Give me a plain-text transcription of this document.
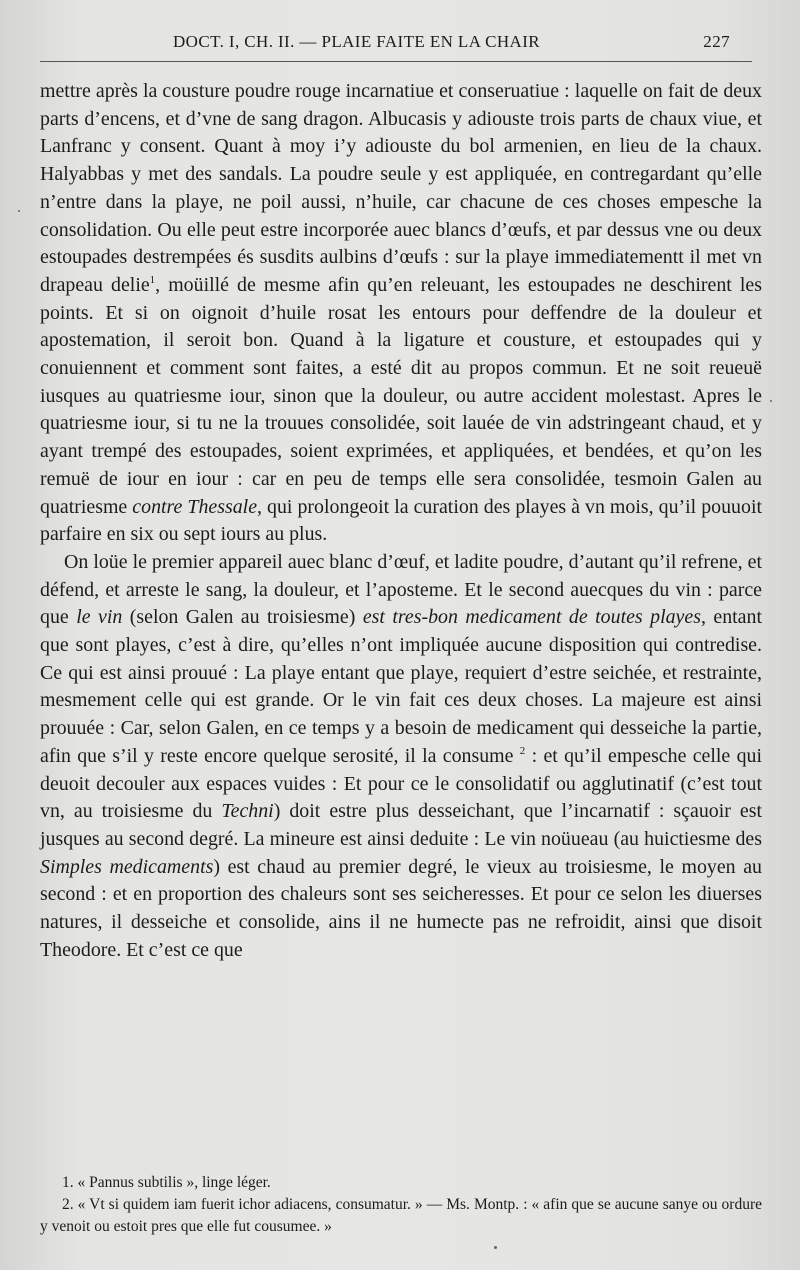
DOCT. I, CH. II. — PLAIE FAITE EN LA CHAIR	227

mettre après la cousture poudre rouge incarnatiue et conseruatiue : laquelle on fait de deux parts d’encens, et d’vne de sang dragon. Albucasis y adiouste trois parts de chaux viue, et Lanfranc y consent. Quant à moy i’y adiouste du bol armenien, en lieu de la chaux. Halyabbas y met des sandals. La poudre seule y est appliquée, en contregardant qu’elle n’entre dans la playe, ne poil aussi, n’huile, car chacune de ces choses empesche la consolidation. Ou elle peut estre incorporée auec blancs d’œufs, et par dessus vne ou deux estoupades destrempées és susdits aulbins d’œufs : sur la playe immediatementt il met vn drapeau delie$^1$, moüillé de mesme afin qu’en releuant, les estoupades ne deschirent les points. Et si on oignoit d’huile rosat les entours pour deffendre de la douleur et apostemation, il seroit bon. Quand à la ligature et cousture, et estoupades qui y conuiennent et comment sont faites, a esté dit au propos commun. Et ne soit reueuë iusques au quatriesme iour, sinon que la douleur, ou autre accident molestast. Apres le quatriesme iour, si tu ne la trouues consolidée, soit lauée de vin adstringeant chaud, et y ayant trempé des estoupades, soient exprimées, et appliquées, et bendées, et qu’on les remuë de iour en iour : car en peu de temps elle sera consolidée, tesmoin Galen au quatriesme contre Thessale, qui prolongeoit la curation des playes à vn mois, qu’il pouuoit parfaire en six ou sept iours au plus.

On loüe le premier appareil auec blanc d’œuf, et ladite poudre, d’autant qu’il refrene, et défend, et arreste le sang, la douleur, et l’aposteme. Et le second auecques du vin : parce que le vin (selon Galen au troisiesme) est tres-bon medicament de toutes playes, entant que sont playes, c’est à dire, qu’elles n’ont impliquée aucune disposition qui contredise. Ce qui est ainsi prouué : La playe entant que playe, requiert d’estre seichée, et restrainte, mesmement celle qui est grande. Or le vin fait ces deux choses. La majeure est ainsi prouuée : Car, selon Galen, en ce temps y a besoin de medicament qui desseiche la partie, afin que s’il y reste encore quelque serosité, il la consume $^2$ : et qu’il empesche celle qui deuoit decouler aux espaces vuides : Et pour ce le consolidatif ou agglutinatif (c’est tout vn, au troisiesme du Techni) doit estre plus desseichant, que l’incarnatif : sçauoir est jusques au second degré. La mineure est ainsi deduite : Le vin noüueau (au huictiesme des Simples medicaments) est chaud au premier degré, le vieux au troisiesme, le moyen au second : et en proportion des chaleurs sont ses seicheresses. Et pour ce selon les diuerses natures, il desseiche et consolide, ains il ne humecte pas ne refroidit, ainsi que disoit Theodore. Et c’est ce que

1. « Pannus subtilis », linge léger.

2. « Vt si quidem iam fuerit ichor adiacens, consumatur. » — Ms. Montp. : « afin que se aucune sanye ou ordure y venoit ou estoit pres que elle fut cousumee. »
